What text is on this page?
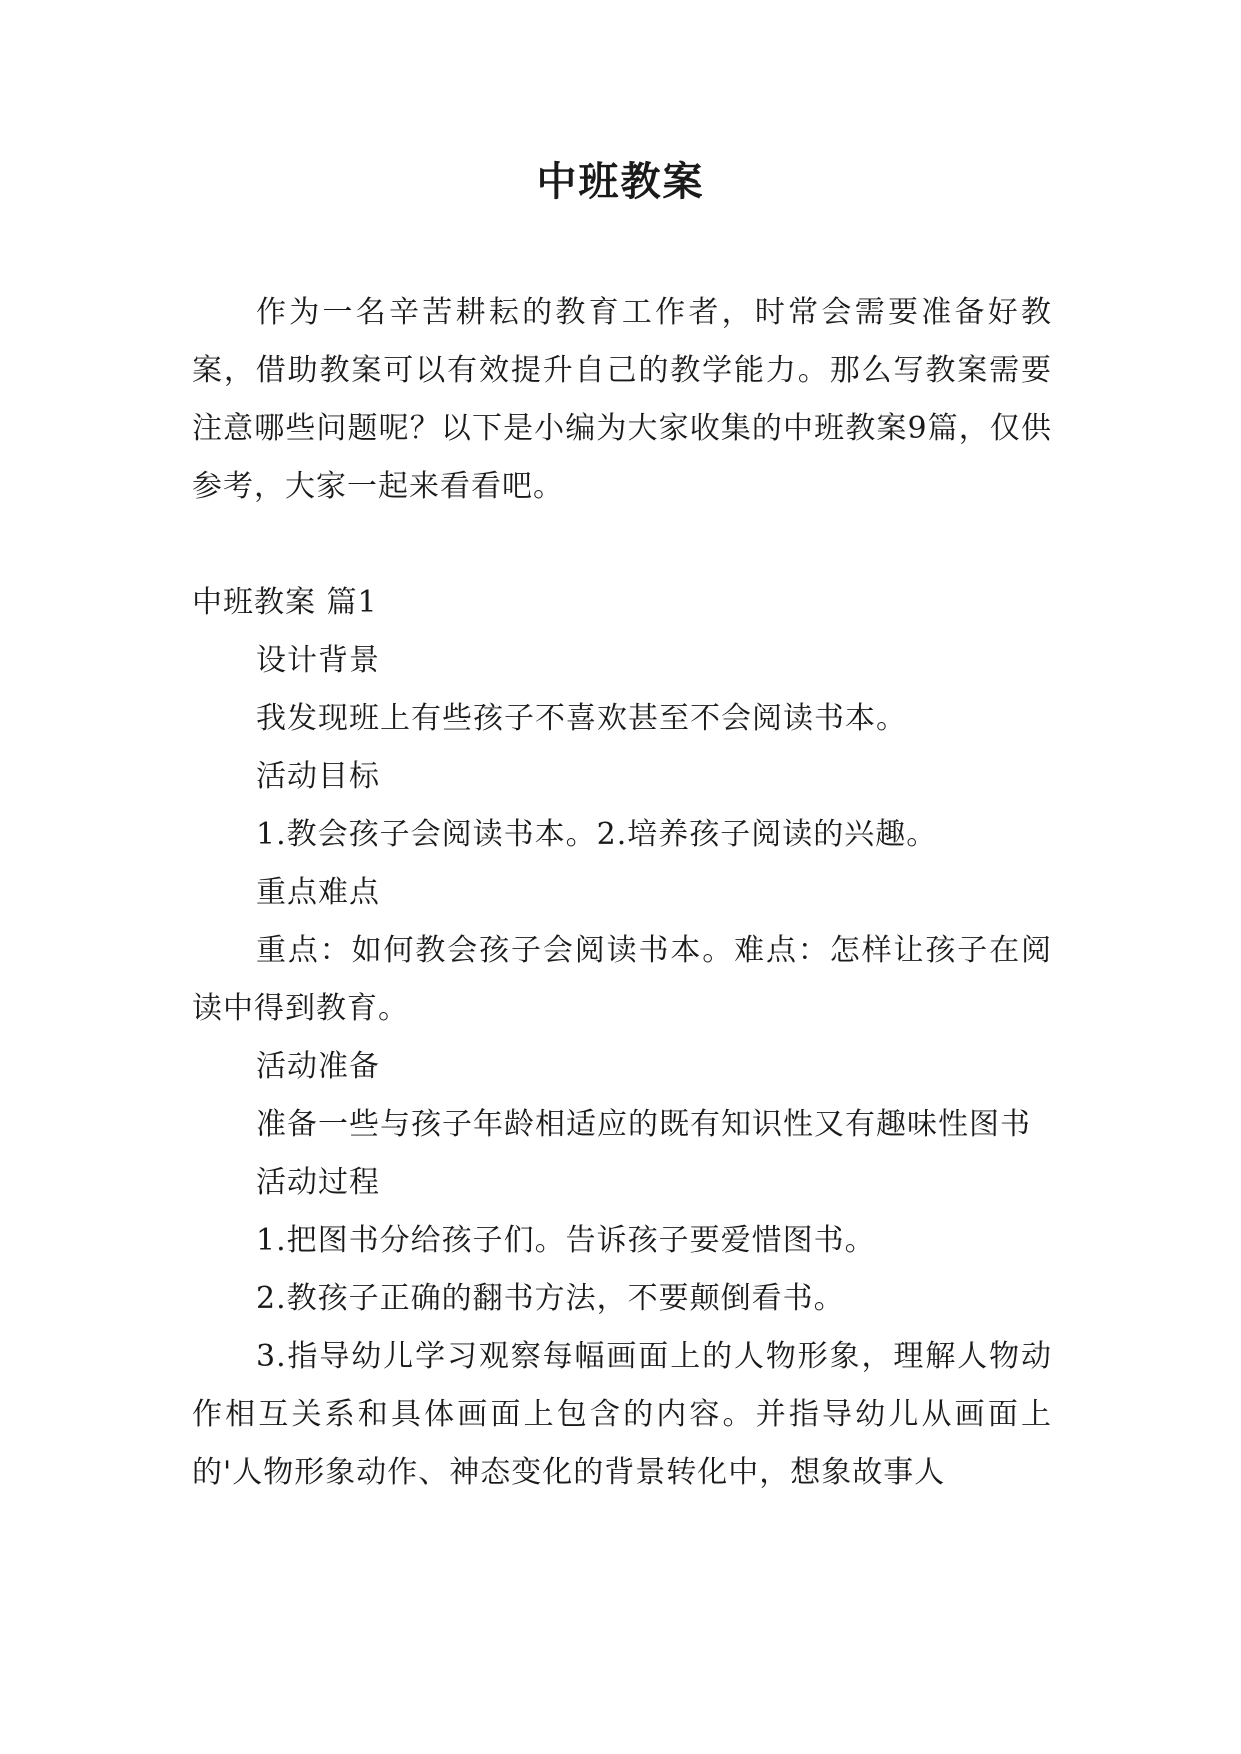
中班教案

作为一名辛苦耕耘的教育工作者，时常会需要准备好教案，借助教案可以有效提升自己的教学能力。那么写教案需要注意哪些问题呢？以下是小编为大家收集的中班教案9篇，仅供参考，大家一起来看看吧。

中班教案 篇1

设计背景

我发现班上有些孩子不喜欢甚至不会阅读书本。

活动目标

1.教会孩子会阅读书本。2.培养孩子阅读的兴趣。

重点难点

重点：如何教会孩子会阅读书本。难点：怎样让孩子在阅读中得到教育。

活动准备

准备一些与孩子年龄相适应的既有知识性又有趣味性图书

活动过程

1.把图书分给孩子们。告诉孩子要爱惜图书。

2.教孩子正确的翻书方法，不要颠倒看书。

3.指导幼儿学习观察每幅画面上的人物形象，理解人物动作相互关系和具体画面上包含的内容。并指导幼儿从画面上的'人物形象动作、神态变化的背景转化中，想象故事人
